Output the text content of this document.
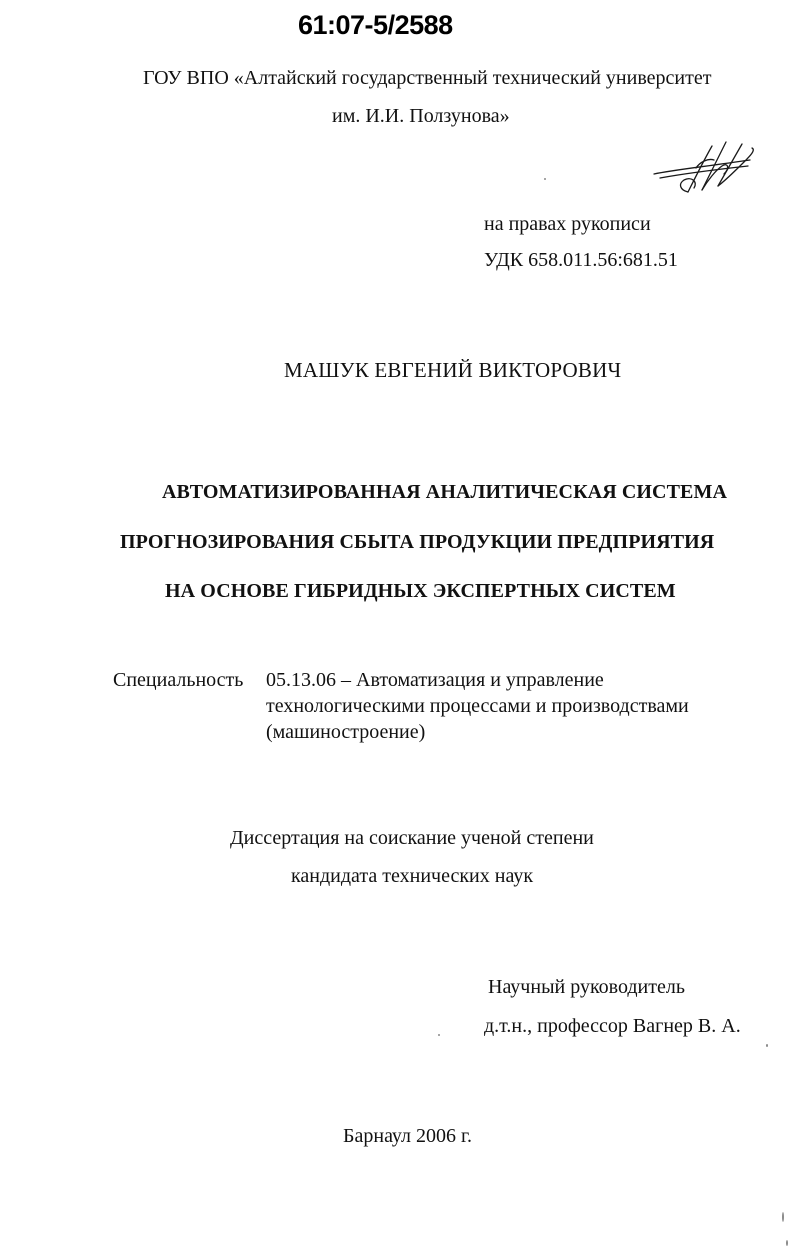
61:07-5/2588
ГОУ ВПО «Алтайский государственный технический университет
им. И.И. Ползунова»
на правах рукописи
УДК 658.011.56:681.51
МАШУК ЕВГЕНИЙ ВИКТОРОВИЧ
АВТОМАТИЗИРОВАННАЯ АНАЛИТИЧЕСКАЯ СИСТЕМА
ПРОГНОЗИРОВАНИЯ СБЫТА ПРОДУКЦИИ ПРЕДПРИЯТИЯ
НА ОСНОВЕ ГИБРИДНЫХ ЭКСПЕРТНЫХ СИСТЕМ
Специальность 05.13.06 – Автоматизация и управление
технологическими процессами и производствами
(машиностроение)
Диссертация на соискание ученой степени
кандидата технических наук
Научный руководитель
д.т.н., профессор Вагнер В. А.
Барнаул 2006 г.
